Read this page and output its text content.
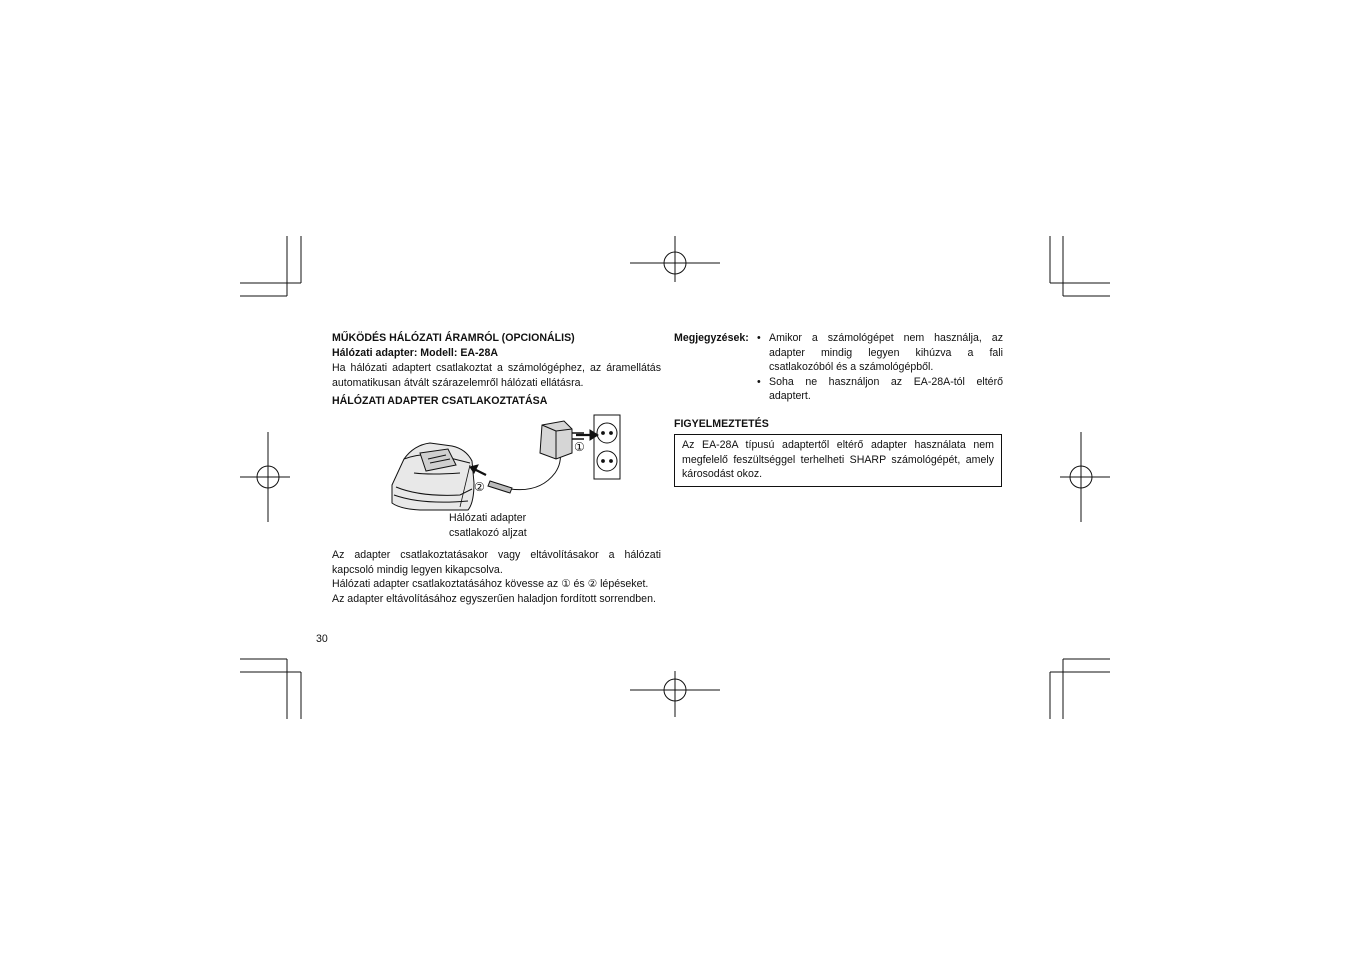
MŰKÖDÉS HÁLÓZATI ÁRAMRÓL (OPCIONÁLIS)

Hálózati adapter: Modell: EA-28A

Ha hálózati adaptert csatlakoztat a számológéphez, az áramellátás automatikusan átvált szárazelemről hálózati ellátásra.

HÁLÓZATI ADAPTER CSATLAKOZTATÁSA

①
②

Hálózati adapter

csatlakozó aljzat

Az adapter csatlakoztatásakor vagy eltávolításakor a hálózati kapcsoló mindig legyen kikapcsolva.

Hálózati adapter csatlakoztatásához kövesse az ① és ② lépéseket.

Az adapter eltávolításához egyszerűen haladjon fordított sorrendben.

30
Megjegyzések: • Amikor a számológépet nem használja, az adapter mindig legyen kihúzva a fali csatlakozóból és a számológépből.
• Soha ne használjon az EA-28A-tól eltérő adaptert.
FIGYELMEZTETÉS
Az EA-28A típusú adaptertől eltérő adapter használata nem megfelelő feszültséggel terhelheti SHARP számológépét, amely károsodást okoz.
